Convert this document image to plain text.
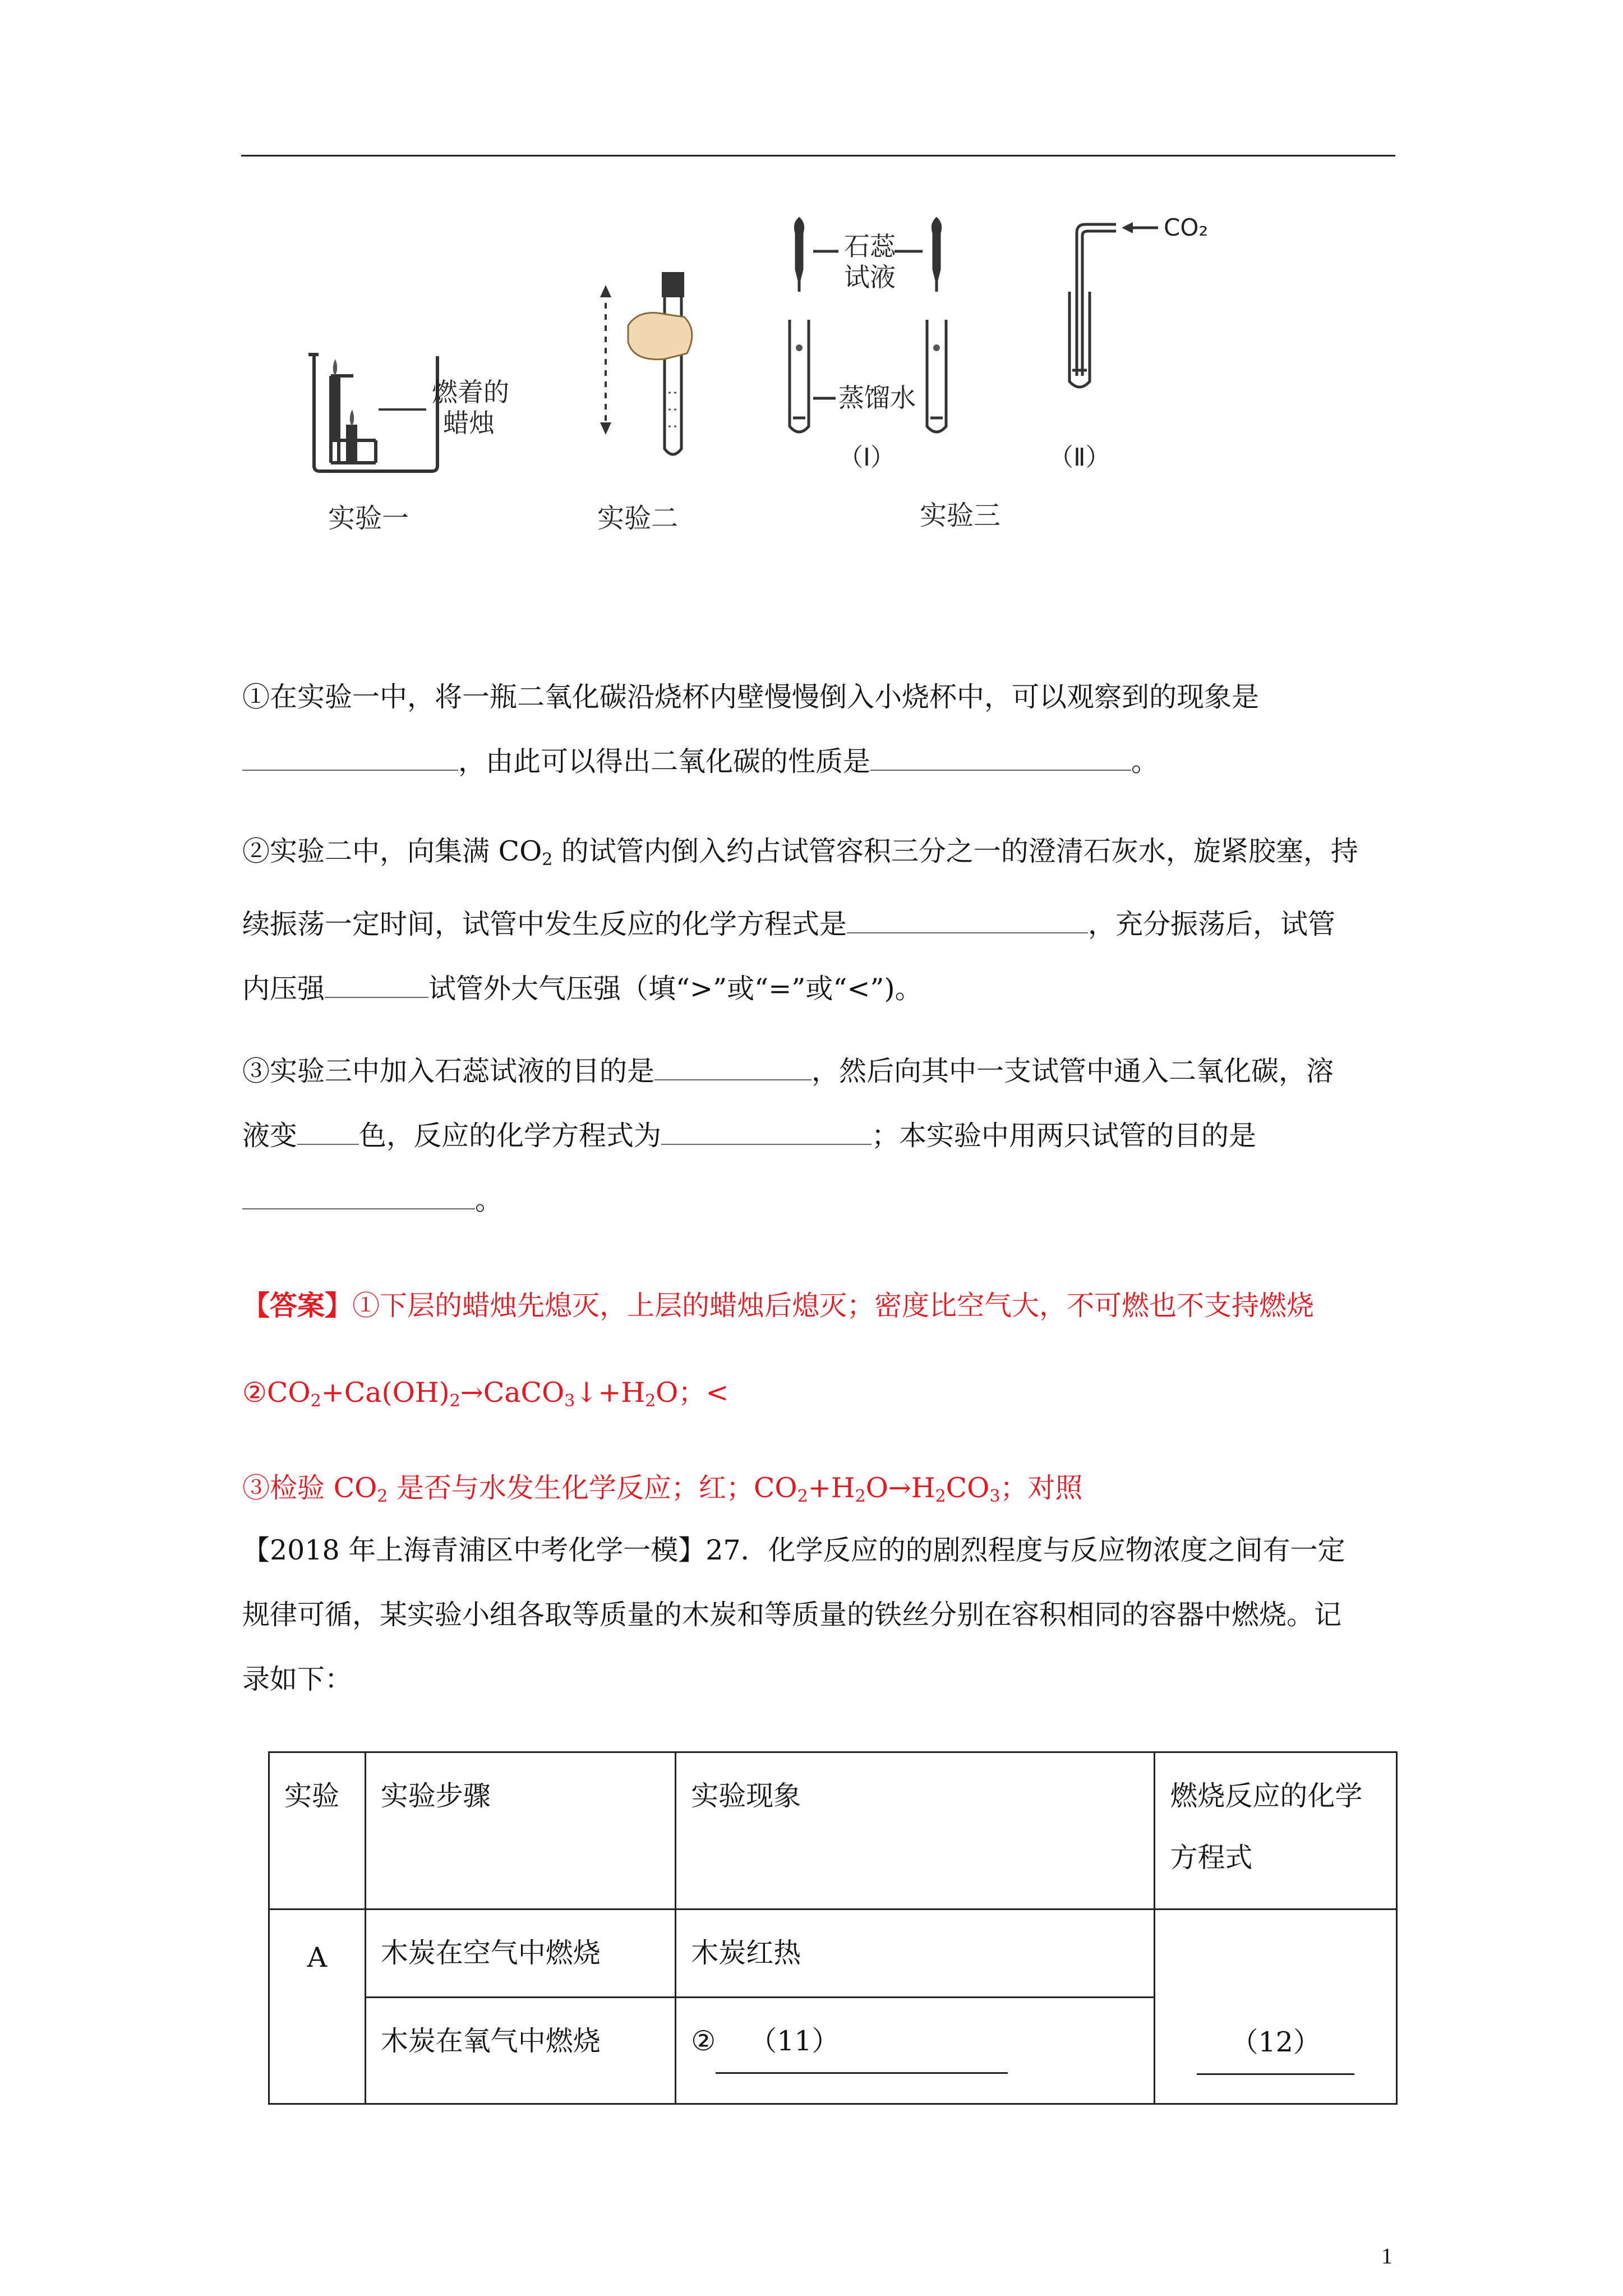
燃着的
蜡烛
实验一	实验二
石蕊
试液
蒸馏水
（Ⅰ）
实验三
CO₂
（Ⅱ）
①在实验一中，将一瓶二氧化碳沿烧杯内壁慢慢倒入小烧杯中，可以观察到的现象是
，由此可以得出二氧化碳的性质是	。
②实验二中，向集满 $CO_2$ 的试管内倒入约占试管容积三分之一的澄清石灰水，旋紧胶塞，持
续振荡一定时间，试管中发生反应的化学方程式是	，充分振荡后，试管
内压强	试管外大气压强（填“>”或“=”或“<”)。
③实验三中加入石蕊试液的目的是	，然后向其中一支试管中通入二氧化碳，溶
液变 色，反应的化学方程式为	；本实验中用两只试管的目的是
。
【答案】①下层的蜡烛先熄灭，上层的蜡烛后熄灭；密度比空气大，不可燃也不支持燃烧
$②CO_2+Ca(OH)_2\to CaCO_3↓+H_2O$；<
③检验 $CO_2$ 是否与水发生化学反应；红；$CO_2+H_2O\to H_2CO_3$；对照
【2018 年上海青浦区中考化学一模】27．化学反应的的剧烈程度与反应物浓度之间有一定
规律可循，某实验小组各取等质量的木炭和等质量的铁丝分别在容积相同的容器中燃烧。记
录如下：
实验	实验步骤	实验现象	燃烧反应的化学方程式
A	木炭在空气中燃烧	木炭红热	（12）
	木炭在氧气中燃烧	② （11）	
1
